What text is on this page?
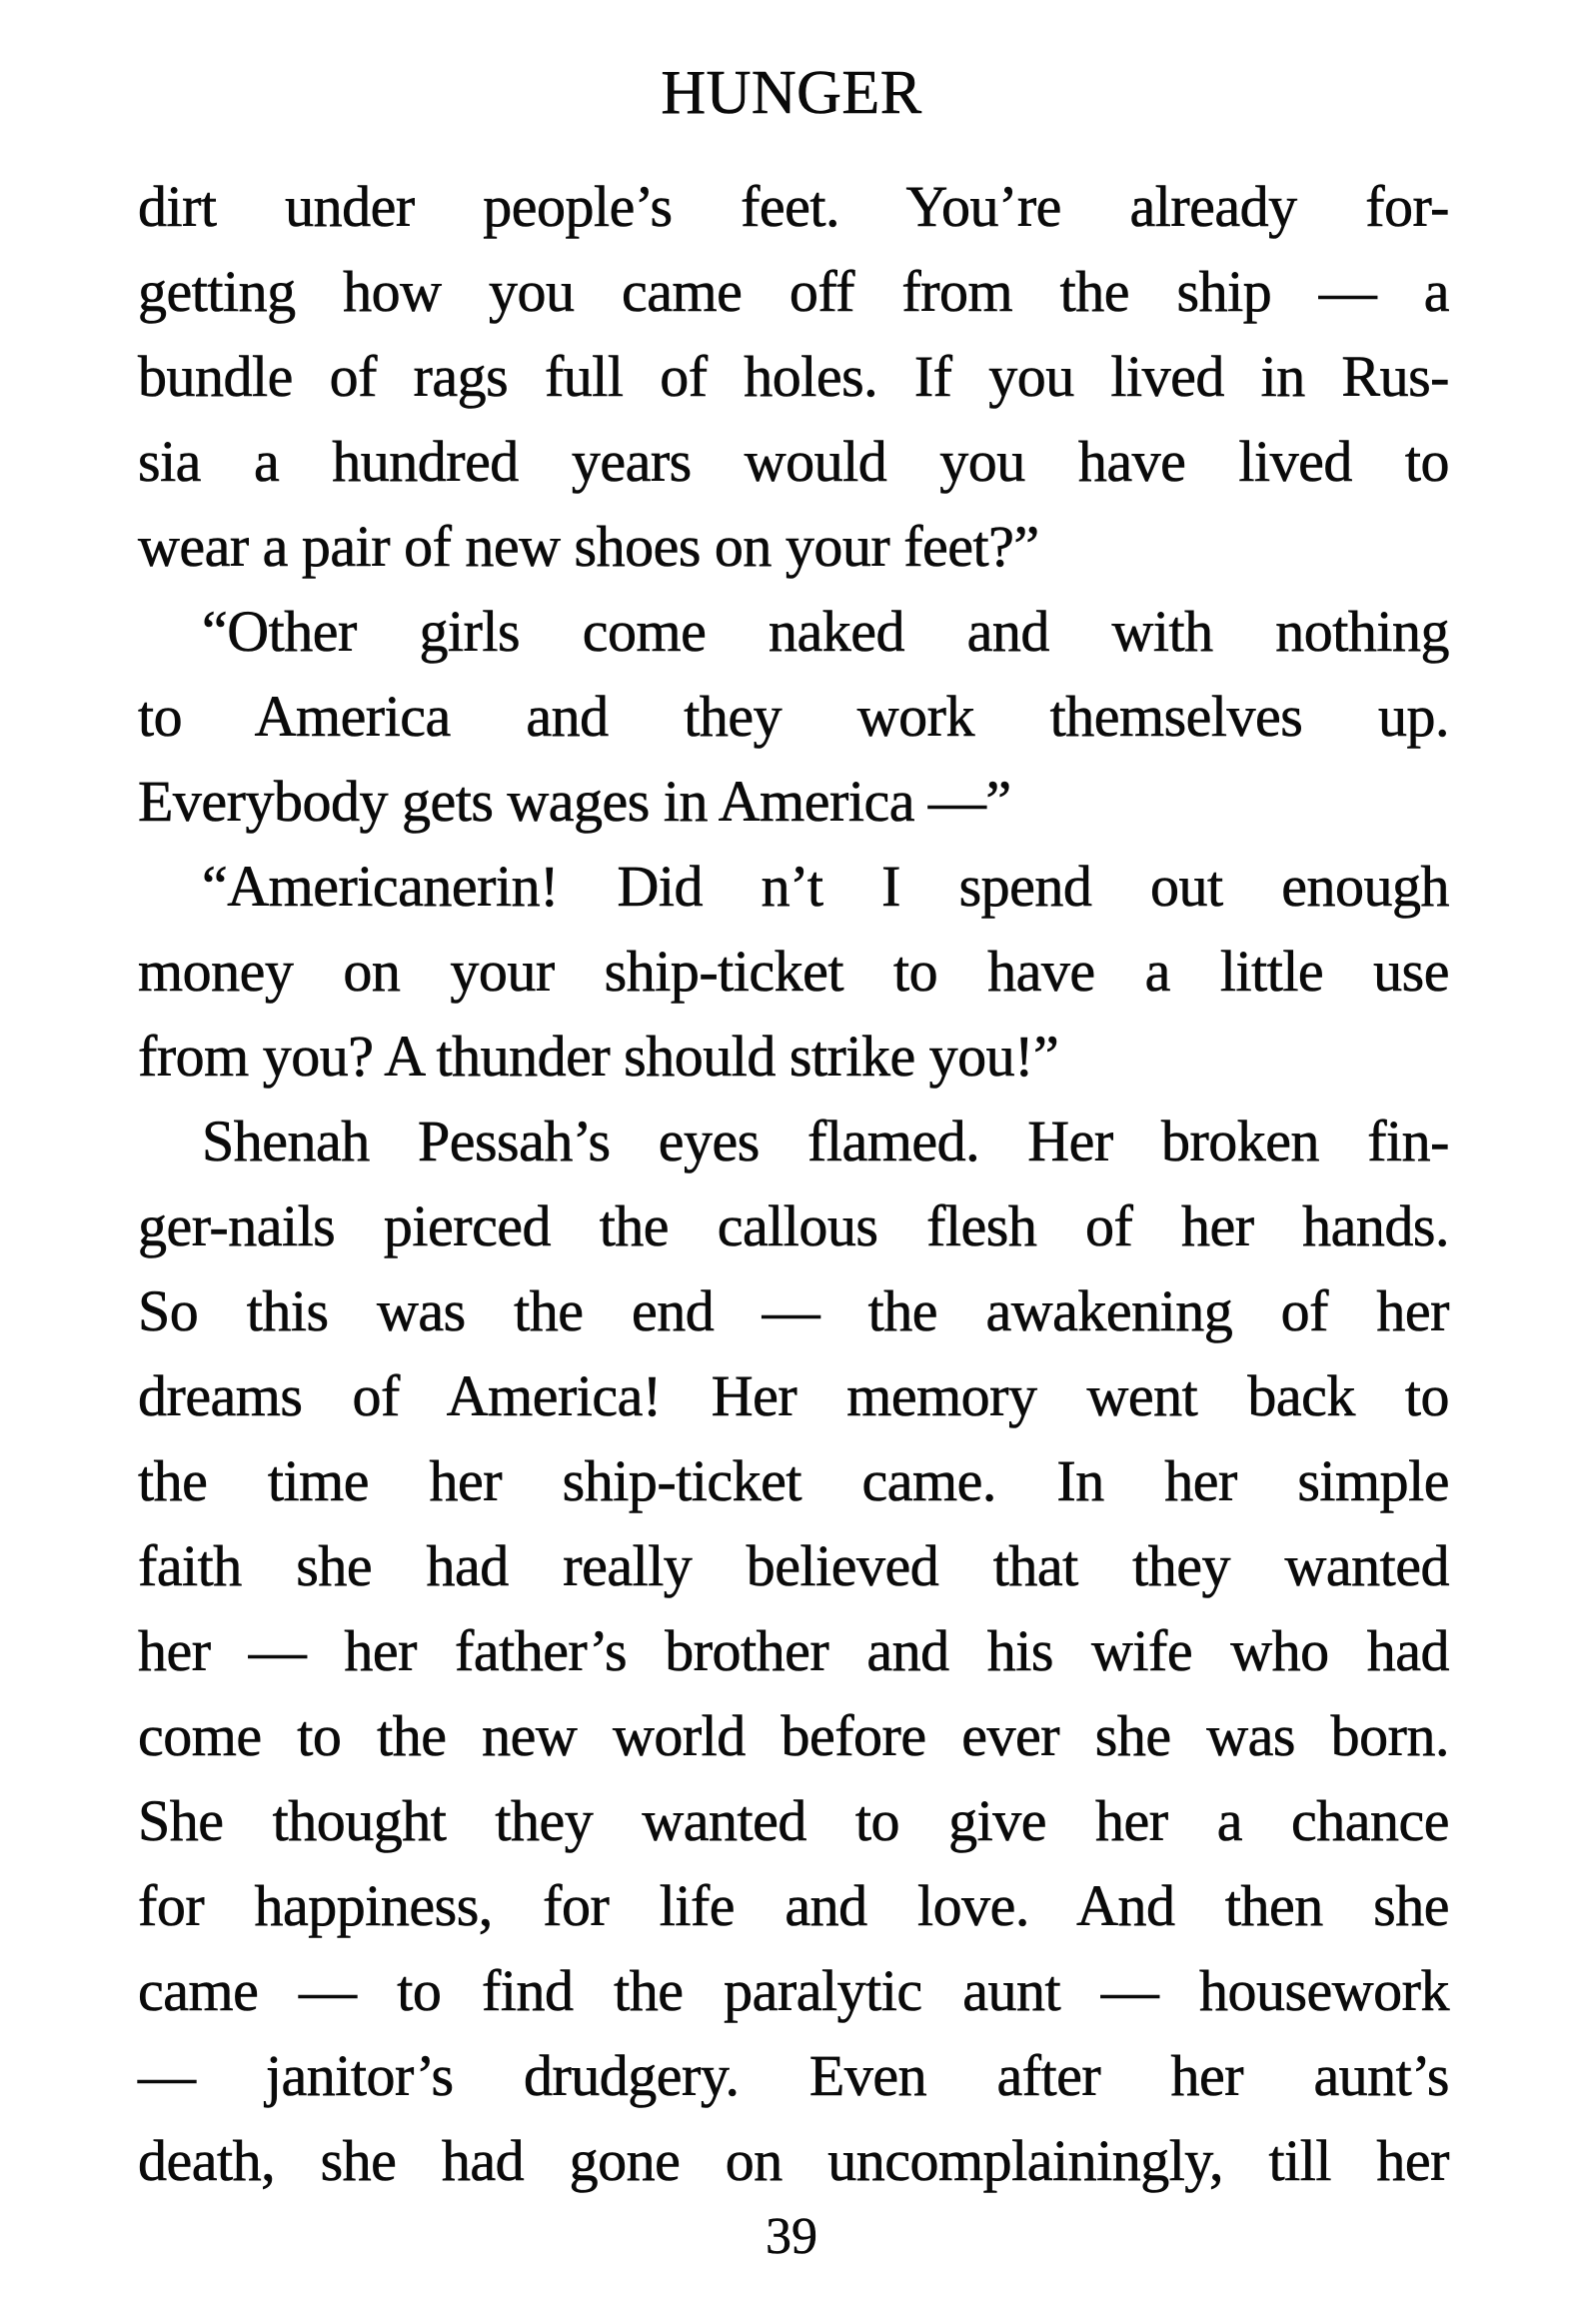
HUNGER
dirt under people’s feet. You’re already for-
getting how you came off from the ship — a
bundle of rags full of holes. If you lived in Rus-
sia a hundred years would you have lived to
wear a pair of new shoes on your feet?”
“Other girls come naked and with nothing
to America and they work themselves up.
Everybody gets wages in America —”
“Americanerin! Did n’t I spend out enough
money on your ship-ticket to have a little use
from you? A thunder should strike you!”
Shenah Pessah’s eyes flamed. Her broken fin-
ger-nails pierced the callous flesh of her hands.
So this was the end — the awakening of her
dreams of America! Her memory went back to
the time her ship-ticket came. In her simple
faith she had really believed that they wanted
her — her father’s brother and his wife who had
come to the new world before ever she was born.
She thought they wanted to give her a chance
for happiness, for life and love. And then she
came — to find the paralytic aunt — housework
— janitor’s drudgery. Even after her aunt’s
death, she had gone on uncomplainingly, till her
39
